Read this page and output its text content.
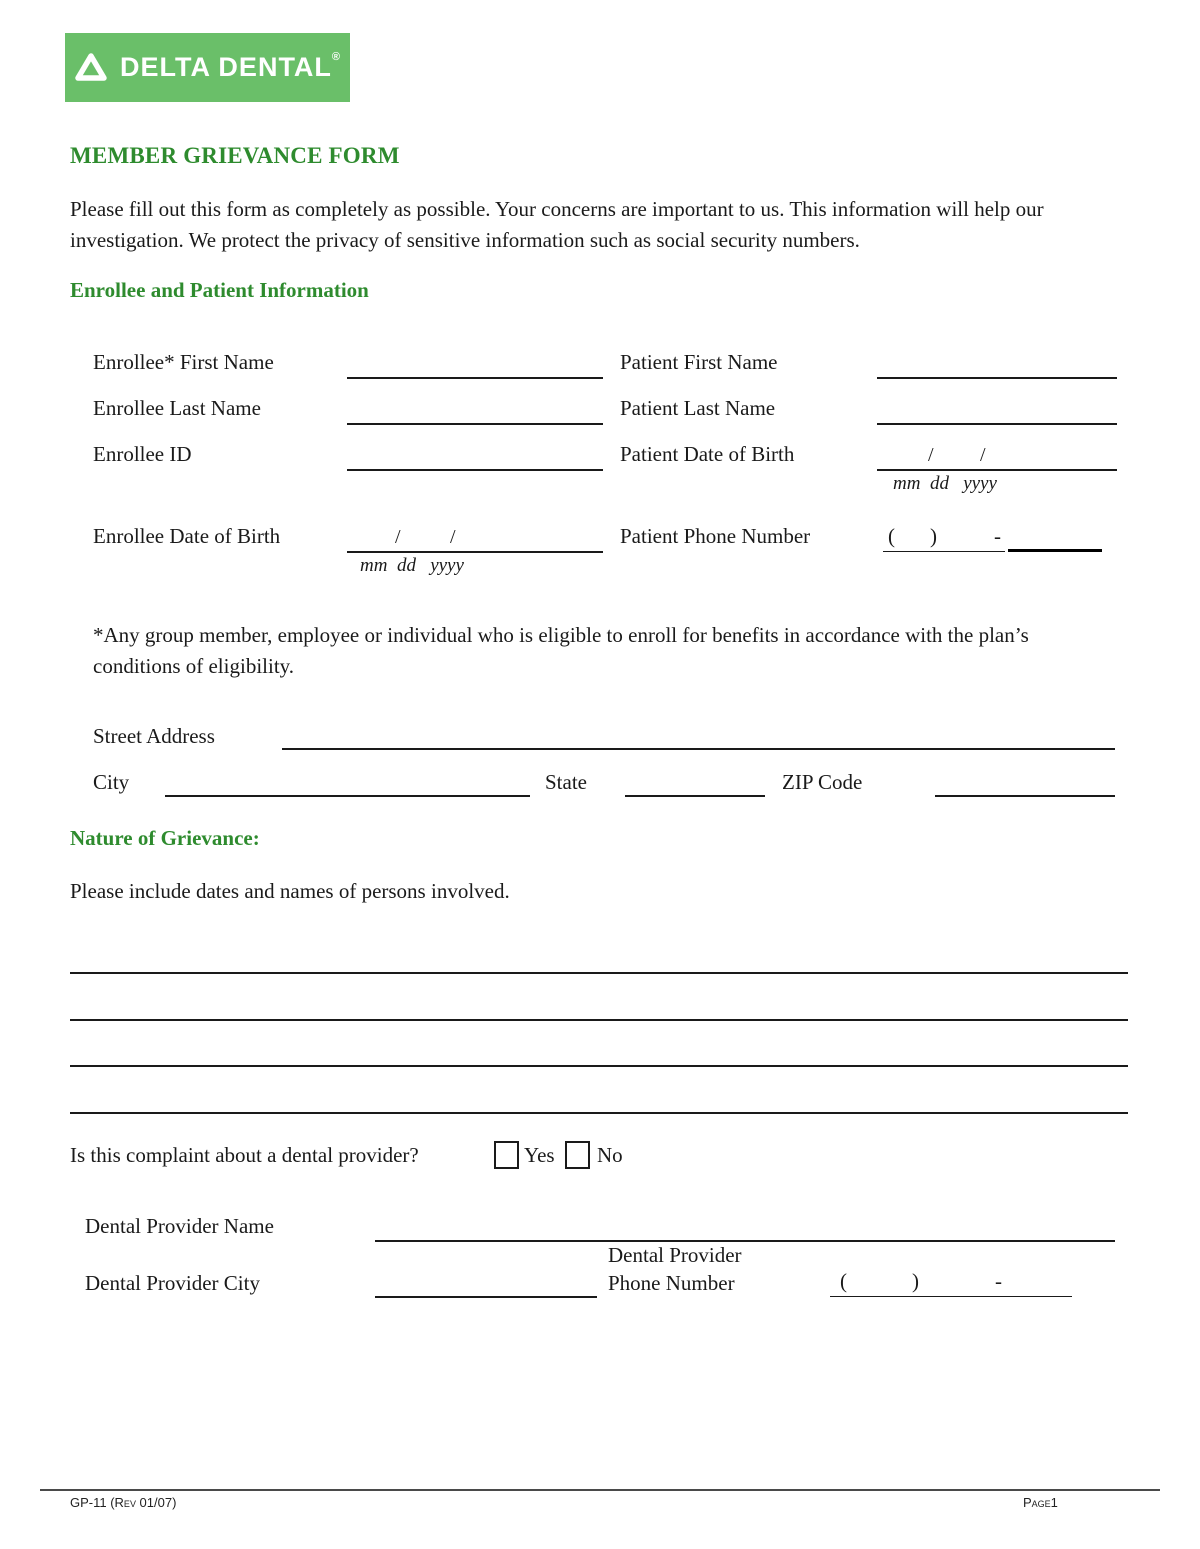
DELTA DENTAL®
MEMBER GRIEVANCE FORM
Please fill out this form as completely as possible. Your concerns are important to us. This information will help our investigation. We protect the privacy of sensitive information such as social security numbers.
Enrollee and Patient Information
Enrollee* First Name	Patient First Name
Enrollee Last Name	Patient Last Name
Enrollee ID	Patient Date of Birth	/ /
mm  dd   yyyy
Enrollee Date of Birth	/ /
mm  dd   yyyy
Patient Phone Number	( )	-
*Any group member, employee or individual who is eligible to enroll for benefits in accordance with the plan’s conditions of eligibility.
Street Address
City	State	ZIP Code
Nature of Grievance:
Please include dates and names of persons involved.
Is this complaint about a dental provider?	Yes No
Dental Provider Name
Dental Provider
Dental Provider City	Phone Number	(	)	-
GP-11 (Rev 01/07)	Page1
